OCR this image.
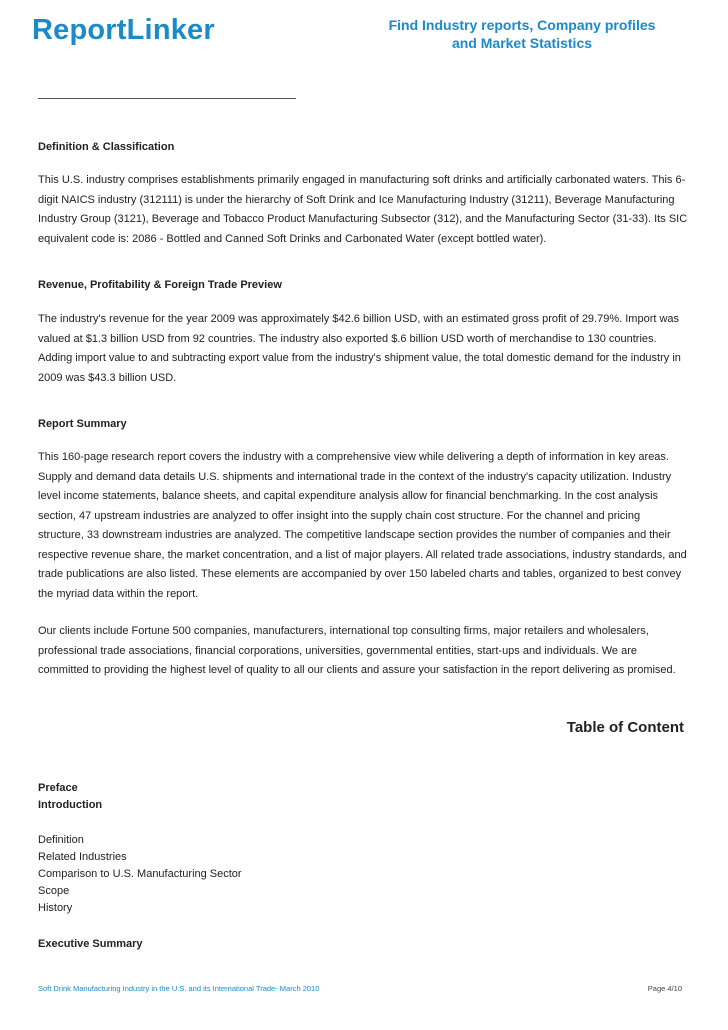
ReportLinker	Find Industry reports, Company profiles
and Market Statistics
Definition & Classification

This U.S. industry comprises establishments primarily engaged in manufacturing soft drinks and artificially carbonated waters. This 6-digit NAICS industry (312111) is under the hierarchy of Soft Drink and Ice Manufacturing Industry (31211), Beverage Manufacturing Industry Group (3121), Beverage and Tobacco Product Manufacturing Subsector (312), and the Manufacturing Sector (31-33). Its SIC equivalent code is: 2086 - Bottled and Canned Soft Drinks and Carbonated Water (except bottled water).

Revenue, Profitability & Foreign Trade Preview

The industry's revenue for the year 2009 was approximately $42.6 billion USD, with an estimated gross profit of 29.79%. Import was valued at $1.3 billion USD from 92 countries. The industry also exported $.6 billion USD worth of merchandise to 130 countries. Adding import value to and subtracting export value from the industry's shipment value, the total domestic demand for the industry in 2009 was $43.3 billion USD.

Report Summary

This 160-page research report covers the industry with a comprehensive view while delivering a depth of information in key areas. Supply and demand data details U.S. shipments and international trade in the context of the industry's capacity utilization. Industry level income statements, balance sheets, and capital expenditure analysis allow for financial benchmarking. In the cost analysis section, 47 upstream industries are analyzed to offer insight into the supply chain cost structure. For the channel and pricing structure, 33 downstream industries are analyzed. The competitive landscape section provides the number of companies and their respective revenue share, the market concentration, and a list of major players. All related trade associations, industry standards, and trade publications are also listed. These elements are accompanied by over 150 labeled charts and tables, organized to best convey the myriad data within the report.

Our clients include Fortune 500 companies, manufacturers, international top consulting firms, major retailers and wholesalers, professional trade associations, financial corporations, universities, governmental entities, start-ups and individuals. We are committed to providing the highest level of quality to all our clients and assure your satisfaction in the report delivering as promised.

Table of Content
Preface
Introduction
Definition
Related Industries
Comparison to U.S. Manufacturing Sector
Scope
History
Executive Summary
Soft Drink Manufacturing Industry in the U.S. and its International Trade- March 2010	Page 4/10
